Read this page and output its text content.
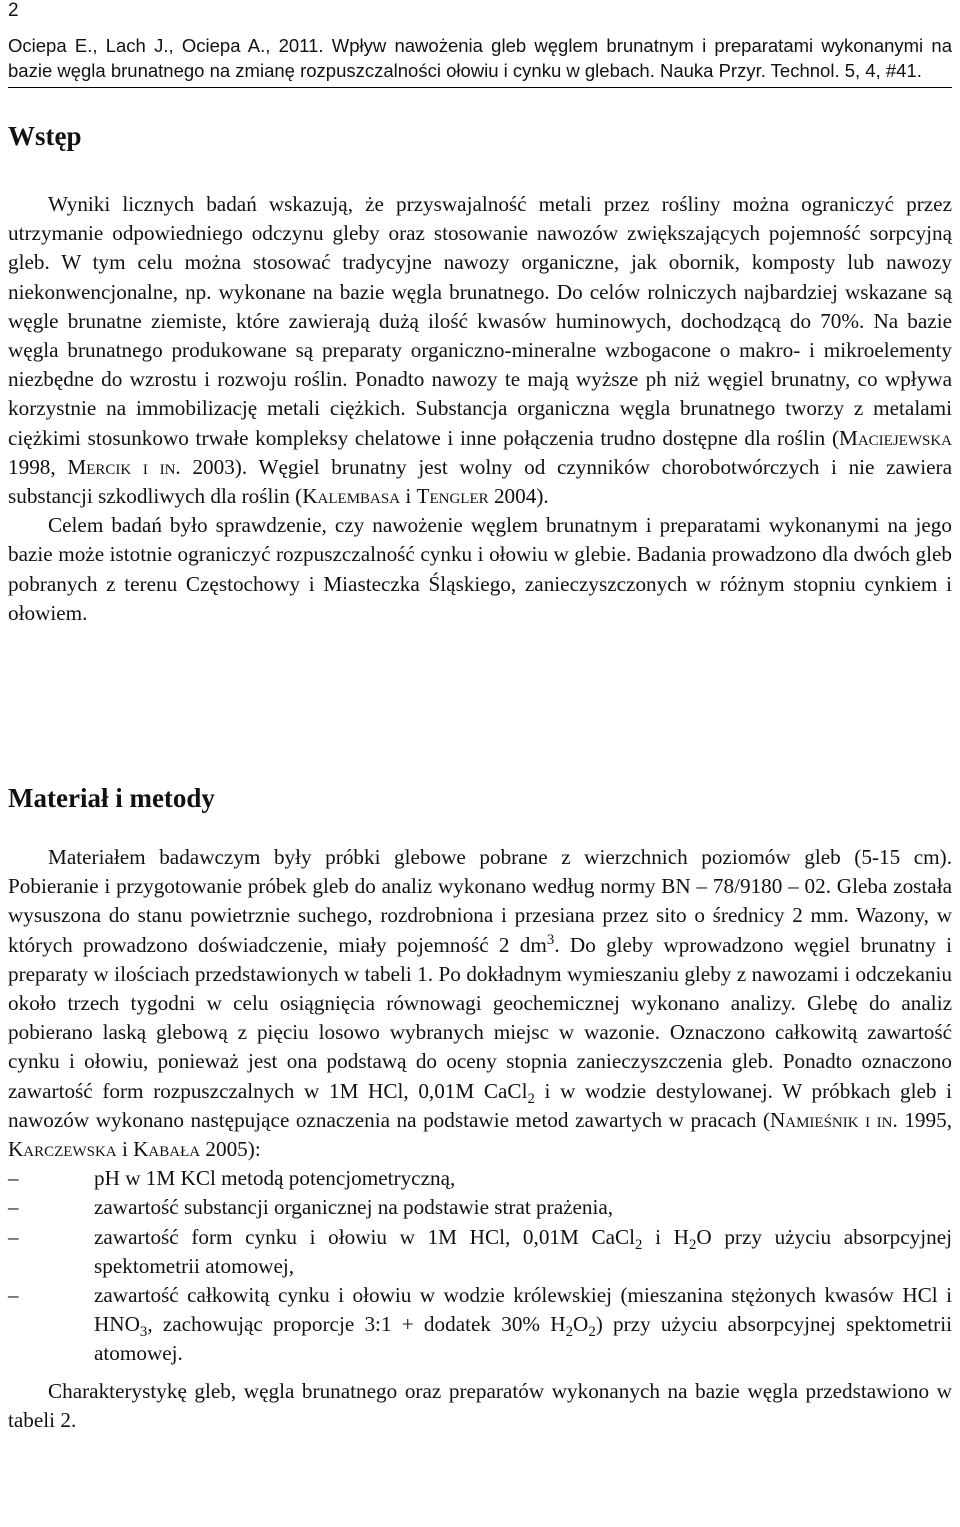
2
Ociepa E., Lach J., Ociepa A., 2011. Wpływ nawożenia gleb węglem brunatnym i preparatami wykonanymi na
bazie węgla brunatnego na zmianę rozpuszczalności ołowiu i cynku w glebach. Nauka Przyr. Technol. 5, 4, #41.
Wstęp

Wyniki licznych badań wskazują, że przyswajalność metali przez rośliny można ograniczyć przez utrzymanie odpowiedniego odczynu gleby oraz stosowanie nawozów zwiększających pojemność sorpcyjną gleb. W tym celu można stosować tradycyjne nawozy organiczne, jak obornik, komposty lub nawozy niekonwencjonalne, np. wykonane na bazie węgla brunatnego. Do celów rolniczych najbardziej wskazane są węgle brunatne ziemiste, które zawierają dużą ilość kwasów huminowych, dochodzącą do 70%. Na bazie węgla brunatnego produkowane są preparaty organiczno-mineralne wzbogacone o makro- i mikroelementy niezbędne do wzrostu i rozwoju roślin. Ponadto nawozy te mają wyższe ph niż węgiel brunatny, co wpływa korzystnie na immobilizację metali ciężkich. Substancja organiczna węgla brunatnego tworzy z metalami ciężkimi stosunkowo trwałe kompleksy chelatowe i inne połączenia trudno dostępne dla roślin (Maciejewska 1998, Mercik i in. 2003). Węgiel brunatny jest wolny od czynników chorobotwórczych i nie zawiera substancji szkodliwych dla roślin (Kalembasa i Tengler 2004).

Celem badań było sprawdzenie, czy nawożenie węglem brunatnym i preparatami wykonanymi na jego bazie może istotnie ograniczyć rozpuszczalność cynku i ołowiu w glebie. Badania prowadzono dla dwóch gleb pobranych z terenu Częstochowy i Miasteczka Śląskiego, zanieczyszczonych w różnym stopniu cynkiem i ołowiem.

Materiał i metody

Materiałem badawczym były próbki glebowe pobrane z wierzchnich poziomów gleb (5-15 cm). Pobieranie i przygotowanie próbek gleb do analiz wykonano według normy BN – 78/9180 – 02. Gleba została wysuszona do stanu powietrznie suchego, rozdrobniona i przesiana przez sito o średnicy 2 mm. Wazony, w których prowadzono doświadczenie, miały pojemność 2 $dm^3$. Do gleby wprowadzono węgiel brunatny i preparaty w ilościach przedstawionych w tabeli 1. Po dokładnym wymieszaniu gleby z nawozami i odczekaniu około trzech tygodni w celu osiągnięcia równowagi geochemicznej wykonano analizy. Glebę do analiz pobierano laską glebową z pięciu losowo wybranych miejsc w wazonie. Oznaczono całkowitą zawartość cynku i ołowiu, ponieważ jest ona podstawą do oceny stopnia zanieczyszczenia gleb. Ponadto oznaczono zawartość form rozpuszczalnych w 1M HCl, 0,01M CaCl$_2$ i w wodzie destylowanej. W próbkach gleb i nawozów wykonano następujące oznaczenia na podstawie metod zawartych w pracach (Namieśnik i in. 1995, Karczewska i Kabała 2005):

–	pH w 1M KCl metodą potencjometryczną,
–	zawartość substancji organicznej na podstawie strat prażenia,
–	zawartość form cynku i ołowiu w 1M HCl, 0,01M CaCl$_2$ i $H_2O$ przy użyciu absorpcyjnej spektometrii atomowej,
–	zawartość całkowitą cynku i ołowiu w wodzie królewskiej (mieszanina stężonych kwasów HCl i $HNO_3$, zachowując proporcje 3:1 + dodatek 30% $H_2O_2$) przy użyciu absorpcyjnej spektometrii atomowej.

Charakterystykę gleb, węgla brunatnego oraz preparatów wykonanych na bazie węgla przedstawiono w tabeli 2.
